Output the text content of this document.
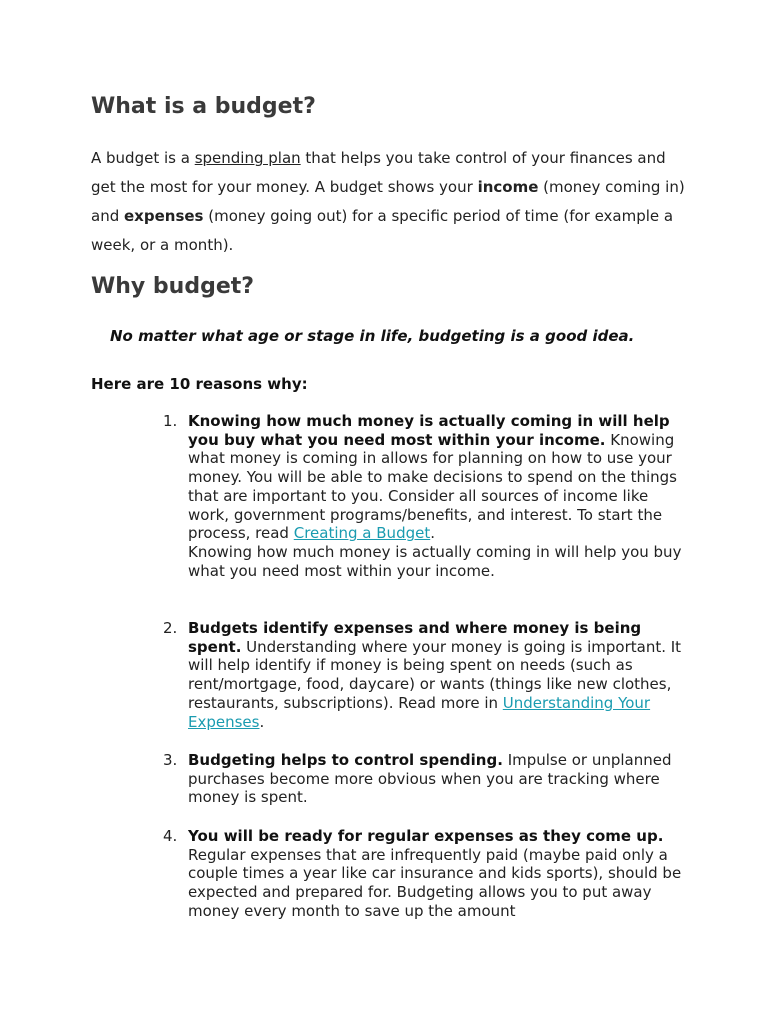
What is a budget?

A budget is a spending plan that helps you take control of your finances and get the most for your money. A budget shows your income (money coming in) and expenses (money going out) for a specific period of time (for example a week, or a month).

Why budget?

No matter what age or stage in life, budgeting is a good idea.

Here are 10 reasons why:

1. Knowing how much money is actually coming in will help you buy what you need most within your income. Knowing what money is coming in allows for planning on how to use your money. You will be able to make decisions to spend on the things that are important to you. Consider all sources of income like work, government programs/benefits, and interest. To start the process, read Creating a Budget.
Knowing how much money is actually coming in will help you buy what you need most within your income.
2. Budgets identify expenses and where money is being spent. Understanding where your money is going is important. It will help identify if money is being spent on needs (such as rent/mortgage, food, daycare) or wants (things like new clothes, restaurants, subscriptions). Read more in Understanding Your Expenses.
3. Budgeting helps to control spending. Impulse or unplanned purchases become more obvious when you are tracking where money is spent.
4. You will be ready for regular expenses as they come up. Regular expenses that are infrequently paid (maybe paid only a couple times a year like car insurance and kids sports), should be expected and prepared for. Budgeting allows you to put away money every month to save up the amount
